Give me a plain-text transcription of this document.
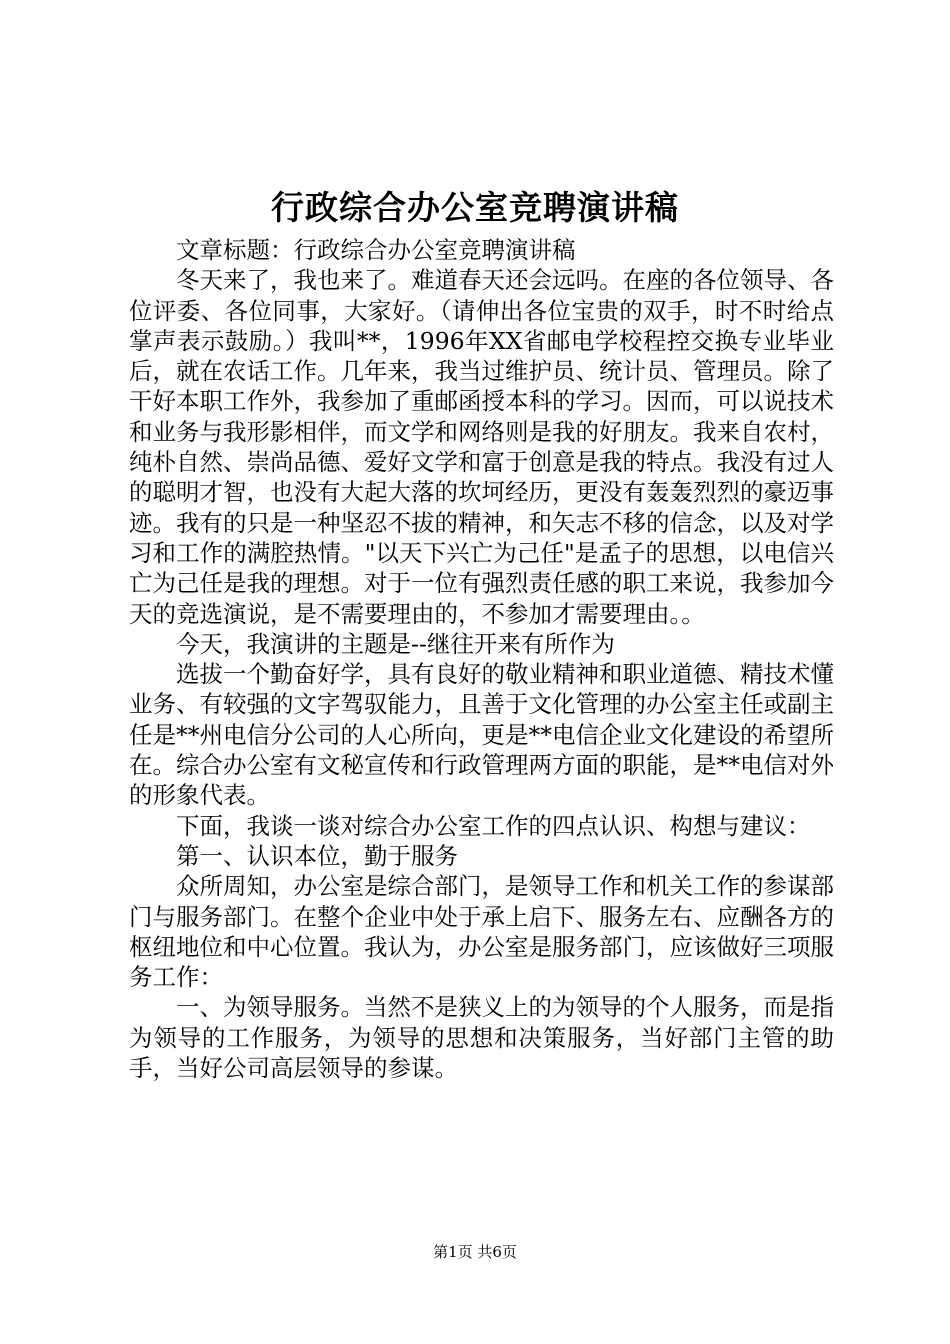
行政综合办公室竞聘演讲稿

文章标题：行政综合办公室竞聘演讲稿

冬天来了，我也来了。难道春天还会远吗。在座的各位领导、各位评委、各位同事，大家好。（请伸出各位宝贵的双手，时不时给点掌声表示鼓励。）我叫**，1996年XX省邮电学校程控交换专业毕业后，就在农话工作。几年来，我当过维护员、统计员、管理员。除了干好本职工作外，我参加了重邮函授本科的学习。因而，可以说技术和业务与我形影相伴，而文学和网络则是我的好朋友。我来自农村，纯朴自然、崇尚品德、爱好文学和富于创意是我的特点。我没有过人的聪明才智，也没有大起大落的坎坷经历，更没有轰轰烈烈的豪迈事迹。我有的只是一种坚忍不拔的精神，和矢志不移的信念，以及对学习和工作的满腔热情。"以天下兴亡为己任"是孟子的思想，以电信兴亡为己任是我的理想。对于一位有强烈责任感的职工来说，我参加今天的竞选演说，是不需要理由的，不参加才需要理由。。

今天，我演讲的主题是--继往开来有所作为

选拔一个勤奋好学，具有良好的敬业精神和职业道德、精技术懂业务、有较强的文字驾驭能力，且善于文化管理的办公室主任或副主任是**州电信分公司的人心所向，更是**电信企业文化建设的希望所在。综合办公室有文秘宣传和行政管理两方面的职能，是**电信对外的形象代表。

下面，我谈一谈对综合办公室工作的四点认识、构想与建议：

第一、认识本位，勤于服务

众所周知，办公室是综合部门，是领导工作和机关工作的参谋部门与服务部门。在整个企业中处于承上启下、服务左右、应酬各方的枢纽地位和中心位置。我认为，办公室是服务部门，应该做好三项服务工作：

一、为领导服务。当然不是狭义上的为领导的个人服务，而是指为领导的工作服务，为领导的思想和决策服务，当好部门主管的助手，当好公司高层领导的参谋。

第1页 共6页
